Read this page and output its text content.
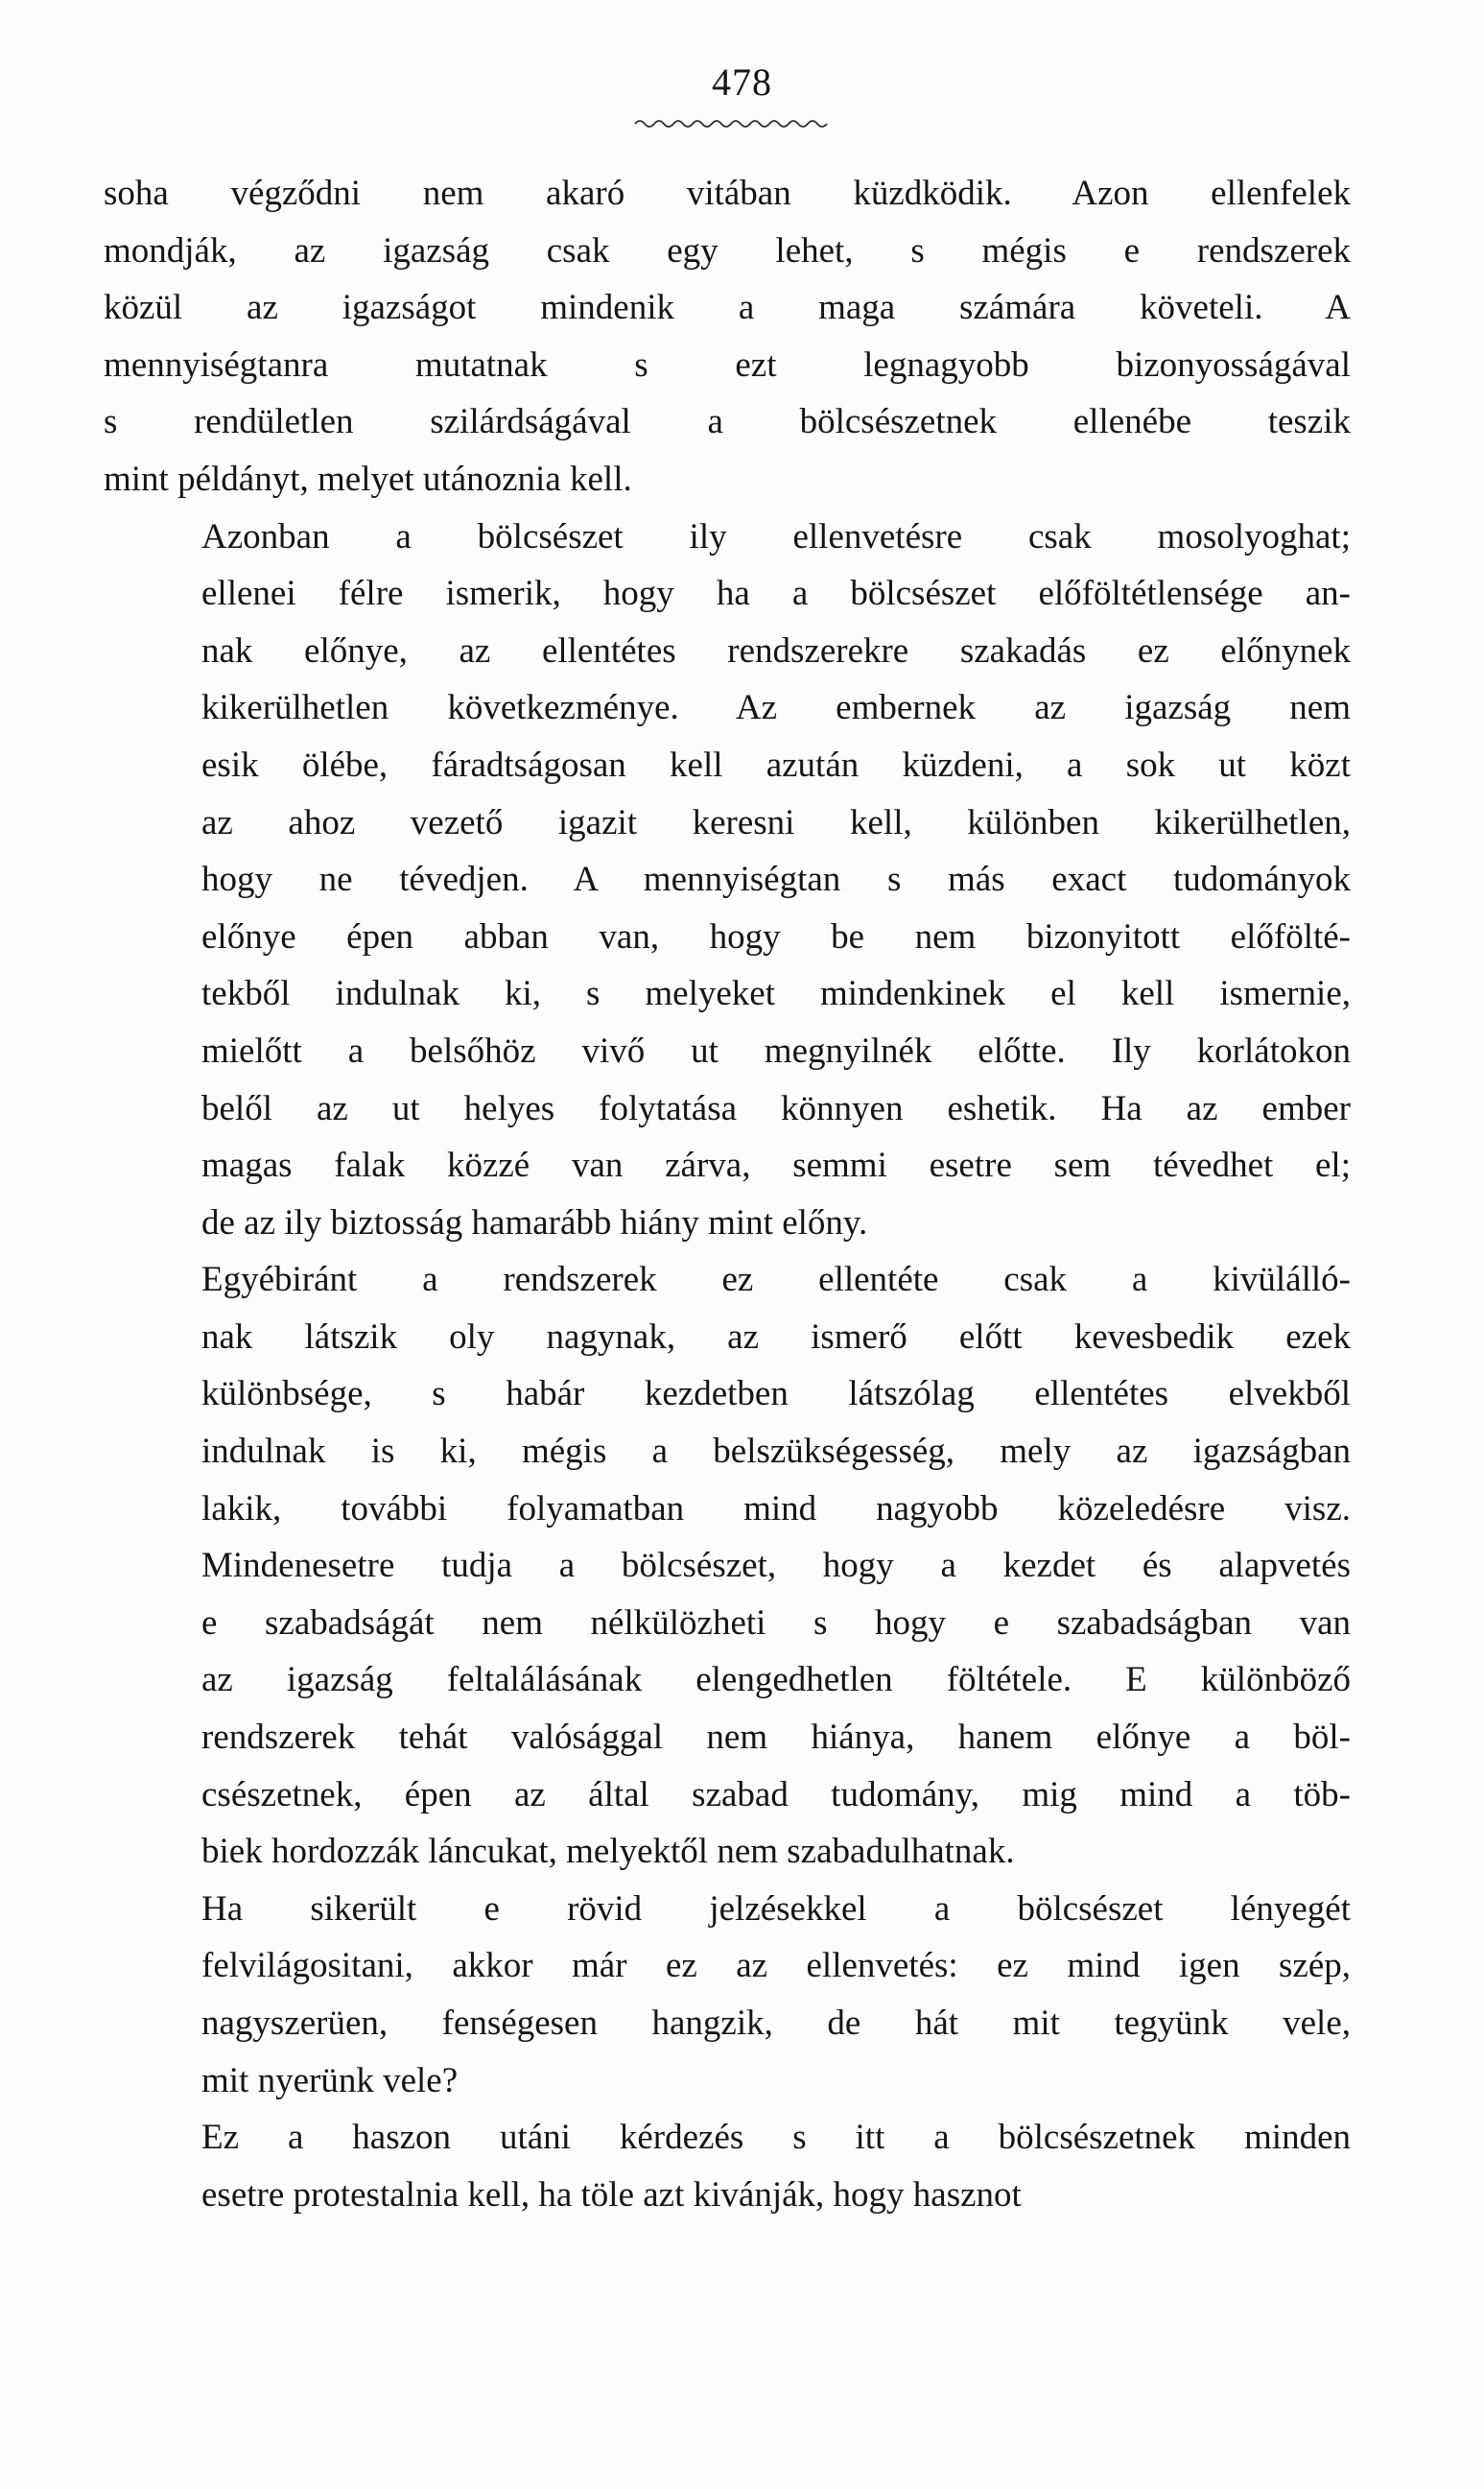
478

soha végződni nem akaró vitában küzdködik. Azon ellenfelek
mondják, az igazság csak egy lehet, s mégis e rendszerek
közül az igazságot mindenik a maga számára követeli. A
mennyiségtanra mutatnak s ezt legnagyobb bizonyosságával
s rendületlen szilárdságával a bölcsészetnek ellenébe teszik
mint példányt, melyet utánoznia kell.

Azonban a bölcsészet ily ellenvetésre csak mosolyoghat;
ellenei félre ismerik, hogy ha a bölcsészet előföltétlensége an-
nak előnye, az ellentétes rendszerekre szakadás ez előnynek
kikerülhetlen következménye. Az embernek az igazság nem
esik ölébe, fáradtságosan kell azután küzdeni, a sok ut közt
az ahoz vezető igazit keresni kell, különben kikerülhetlen,
hogy ne tévedjen. A mennyiségtan s más exact tudományok
előnye épen abban van, hogy be nem bizonyitott előfölté-
tekből indulnak ki, s melyeket mindenkinek el kell ismernie,
mielőtt a belsőhöz vivő ut megnyilnék előtte. Ily korlátokon
belől az ut helyes folytatása könnyen eshetik. Ha az ember
magas falak közzé van zárva, semmi esetre sem tévedhet el;
de az ily biztosság hamarább hiány mint előny.

Egyébiránt a rendszerek ez ellentéte csak a kivülálló-
nak látszik oly nagynak, az ismerő előtt kevesbedik ezek
különbsége, s habár kezdetben látszólag ellentétes elvekből
indulnak is ki, mégis a belszükségesség, mely az igazságban
lakik, további folyamatban mind nagyobb közeledésre visz.
Mindenesetre tudja a bölcsészet, hogy a kezdet és alapvetés
e szabadságát nem nélkülözheti s hogy e szabadságban van
az igazság feltalálásának elengedhetlen föltétele. E különböző
rendszerek tehát valósággal nem hiánya, hanem előnye a böl-
csészetnek, épen az által szabad tudomány, mig mind a töb-
biek hordozzák láncukat, melyektől nem szabadulhatnak.

Ha sikerült e rövid jelzésekkel a bölcsészet lényegét
felvilágositani, akkor már ez az ellenvetés: ez mind igen szép,
nagyszerüen, fenségesen hangzik, de hát mit tegyünk vele,
mit nyerünk vele?

Ez a haszon utáni kérdezés s itt a bölcsészetnek minden
esetre protestalnia kell, ha töle azt kivánják, hogy hasznot
